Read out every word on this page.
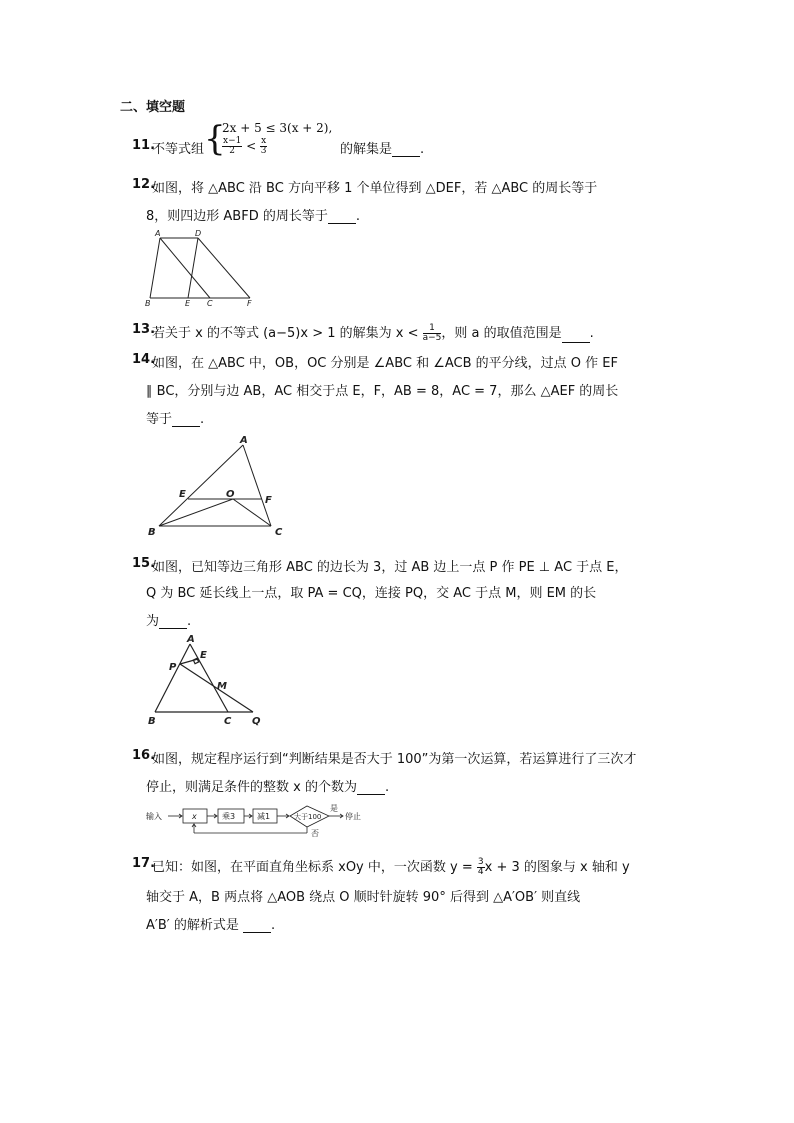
二、填空题
11.
不等式组 {
2x + 5 ≤ 3(x + 2),
$\frac{x-1}{2} < \frac{x}{3}$	的解集是 .
12.
如图，将 △ABC 沿 BC 方向平移 1 个单位得到 △DEF，若 △ABC 的周长等于
8，则四边形 ABFD 的周长等于 .
A	D
B	E C	F
13.
若关于 x 的不等式 (a−5)x > 1 的解集为 $x < \frac{1}{a-5}$ ，则 a 的取值范围是 .
14.
如图，在 △ABC 中，OB，OC 分别是 ∠ABC 和 ∠ACB 的平分线，过点 O 作 EF
∥ BC，分别与边 AB，AC 相交于点 E，F，AB = 8，AC = 7，那么 △AEF 的周长
等于 .
A
E	O
F
B	C
15.
如图，已知等边三角形 ABC 的边长为 3，过 AB 边上一点 P 作 PE ⊥ AC 于点 E，
Q 为 BC 延长线上一点，取 PA = CQ，连接 PQ，交 AC 于点 M，则 EM 的长
为 .
A
E
P
M
B	C Q
16.
如图，规定程序运行到“判断结果是否大于 100”为第一次运算，若运算进行了三次才
停止，则满足条件的整数 x 的个数为 .
输入	x	乘3	减1	大于100
是
停止
否
17.
已知：如图，在平面直角坐标系 xOy 中，一次函数 $y = \frac{3}{4}$ x + 3 的图象与 x 轴和 y
轴交于 A，B 两点将 △AOB 绕点 O 顺时针旋转 90° 后得到 △A′OB′ 则直线
A′B′ 的解析式是 .
